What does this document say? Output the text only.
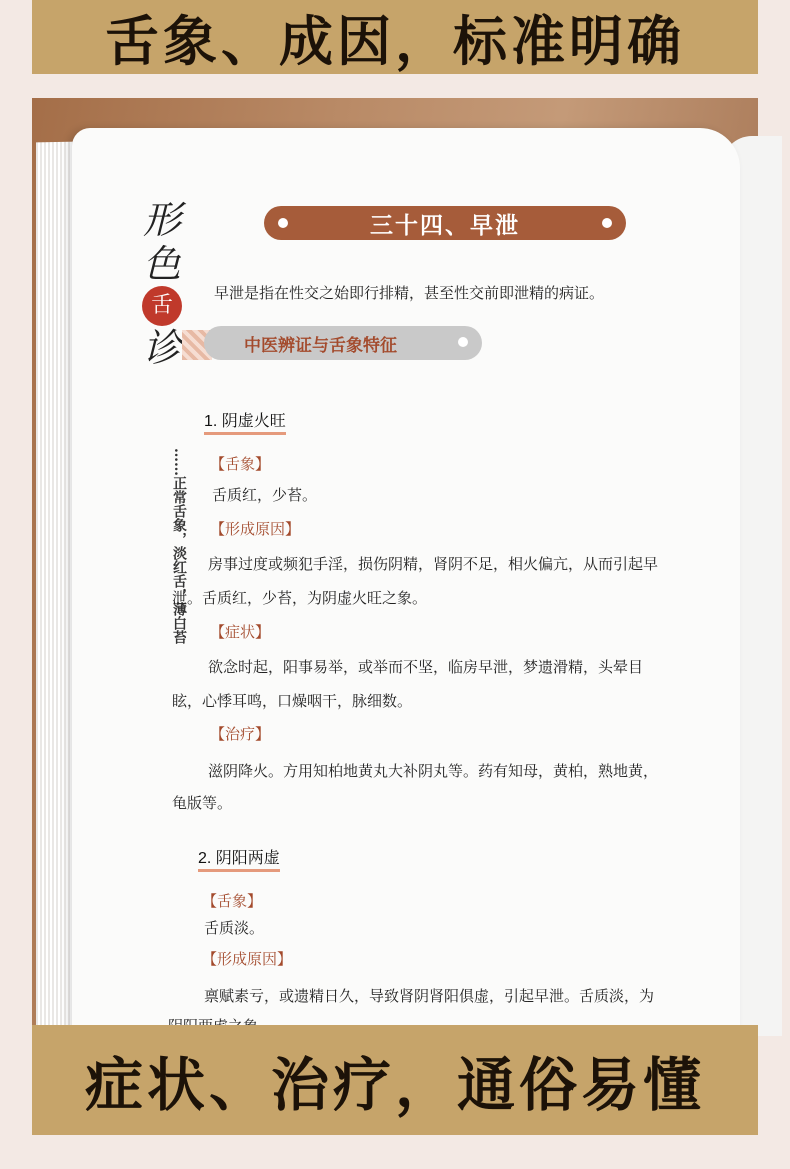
舌象、成因，标准明确
形
色
舌
诊
……正常舌象，淡红舌，薄白苔
三十四、早泄
早泄是指在性交之始即行排精，甚至性交前即泄精的病证。
中医辨证与舌象特征
1. 阴虚火旺
【舌象】
舌质红，少苔。
【形成原因】
房事过度或频犯手淫，损伤阴精，肾阴不足，相火偏亢，从而引起早
泄。舌质红，少苔，为阴虚火旺之象。
【症状】
欲念时起，阳事易举，或举而不坚，临房早泄，梦遗滑精，头晕目
眩，心悸耳鸣，口燥咽干，脉细数。
【治疗】
滋阴降火。方用知柏地黄丸大补阴丸等。药有知母，黄柏，熟地黄，
龟版等。
2. 阴阳两虚
【舌象】
舌质淡。
【形成原因】
禀赋素亏，或遗精日久，导致肾阴肾阳俱虚，引起早泄。舌质淡，为
症状、治疗，通俗易懂
